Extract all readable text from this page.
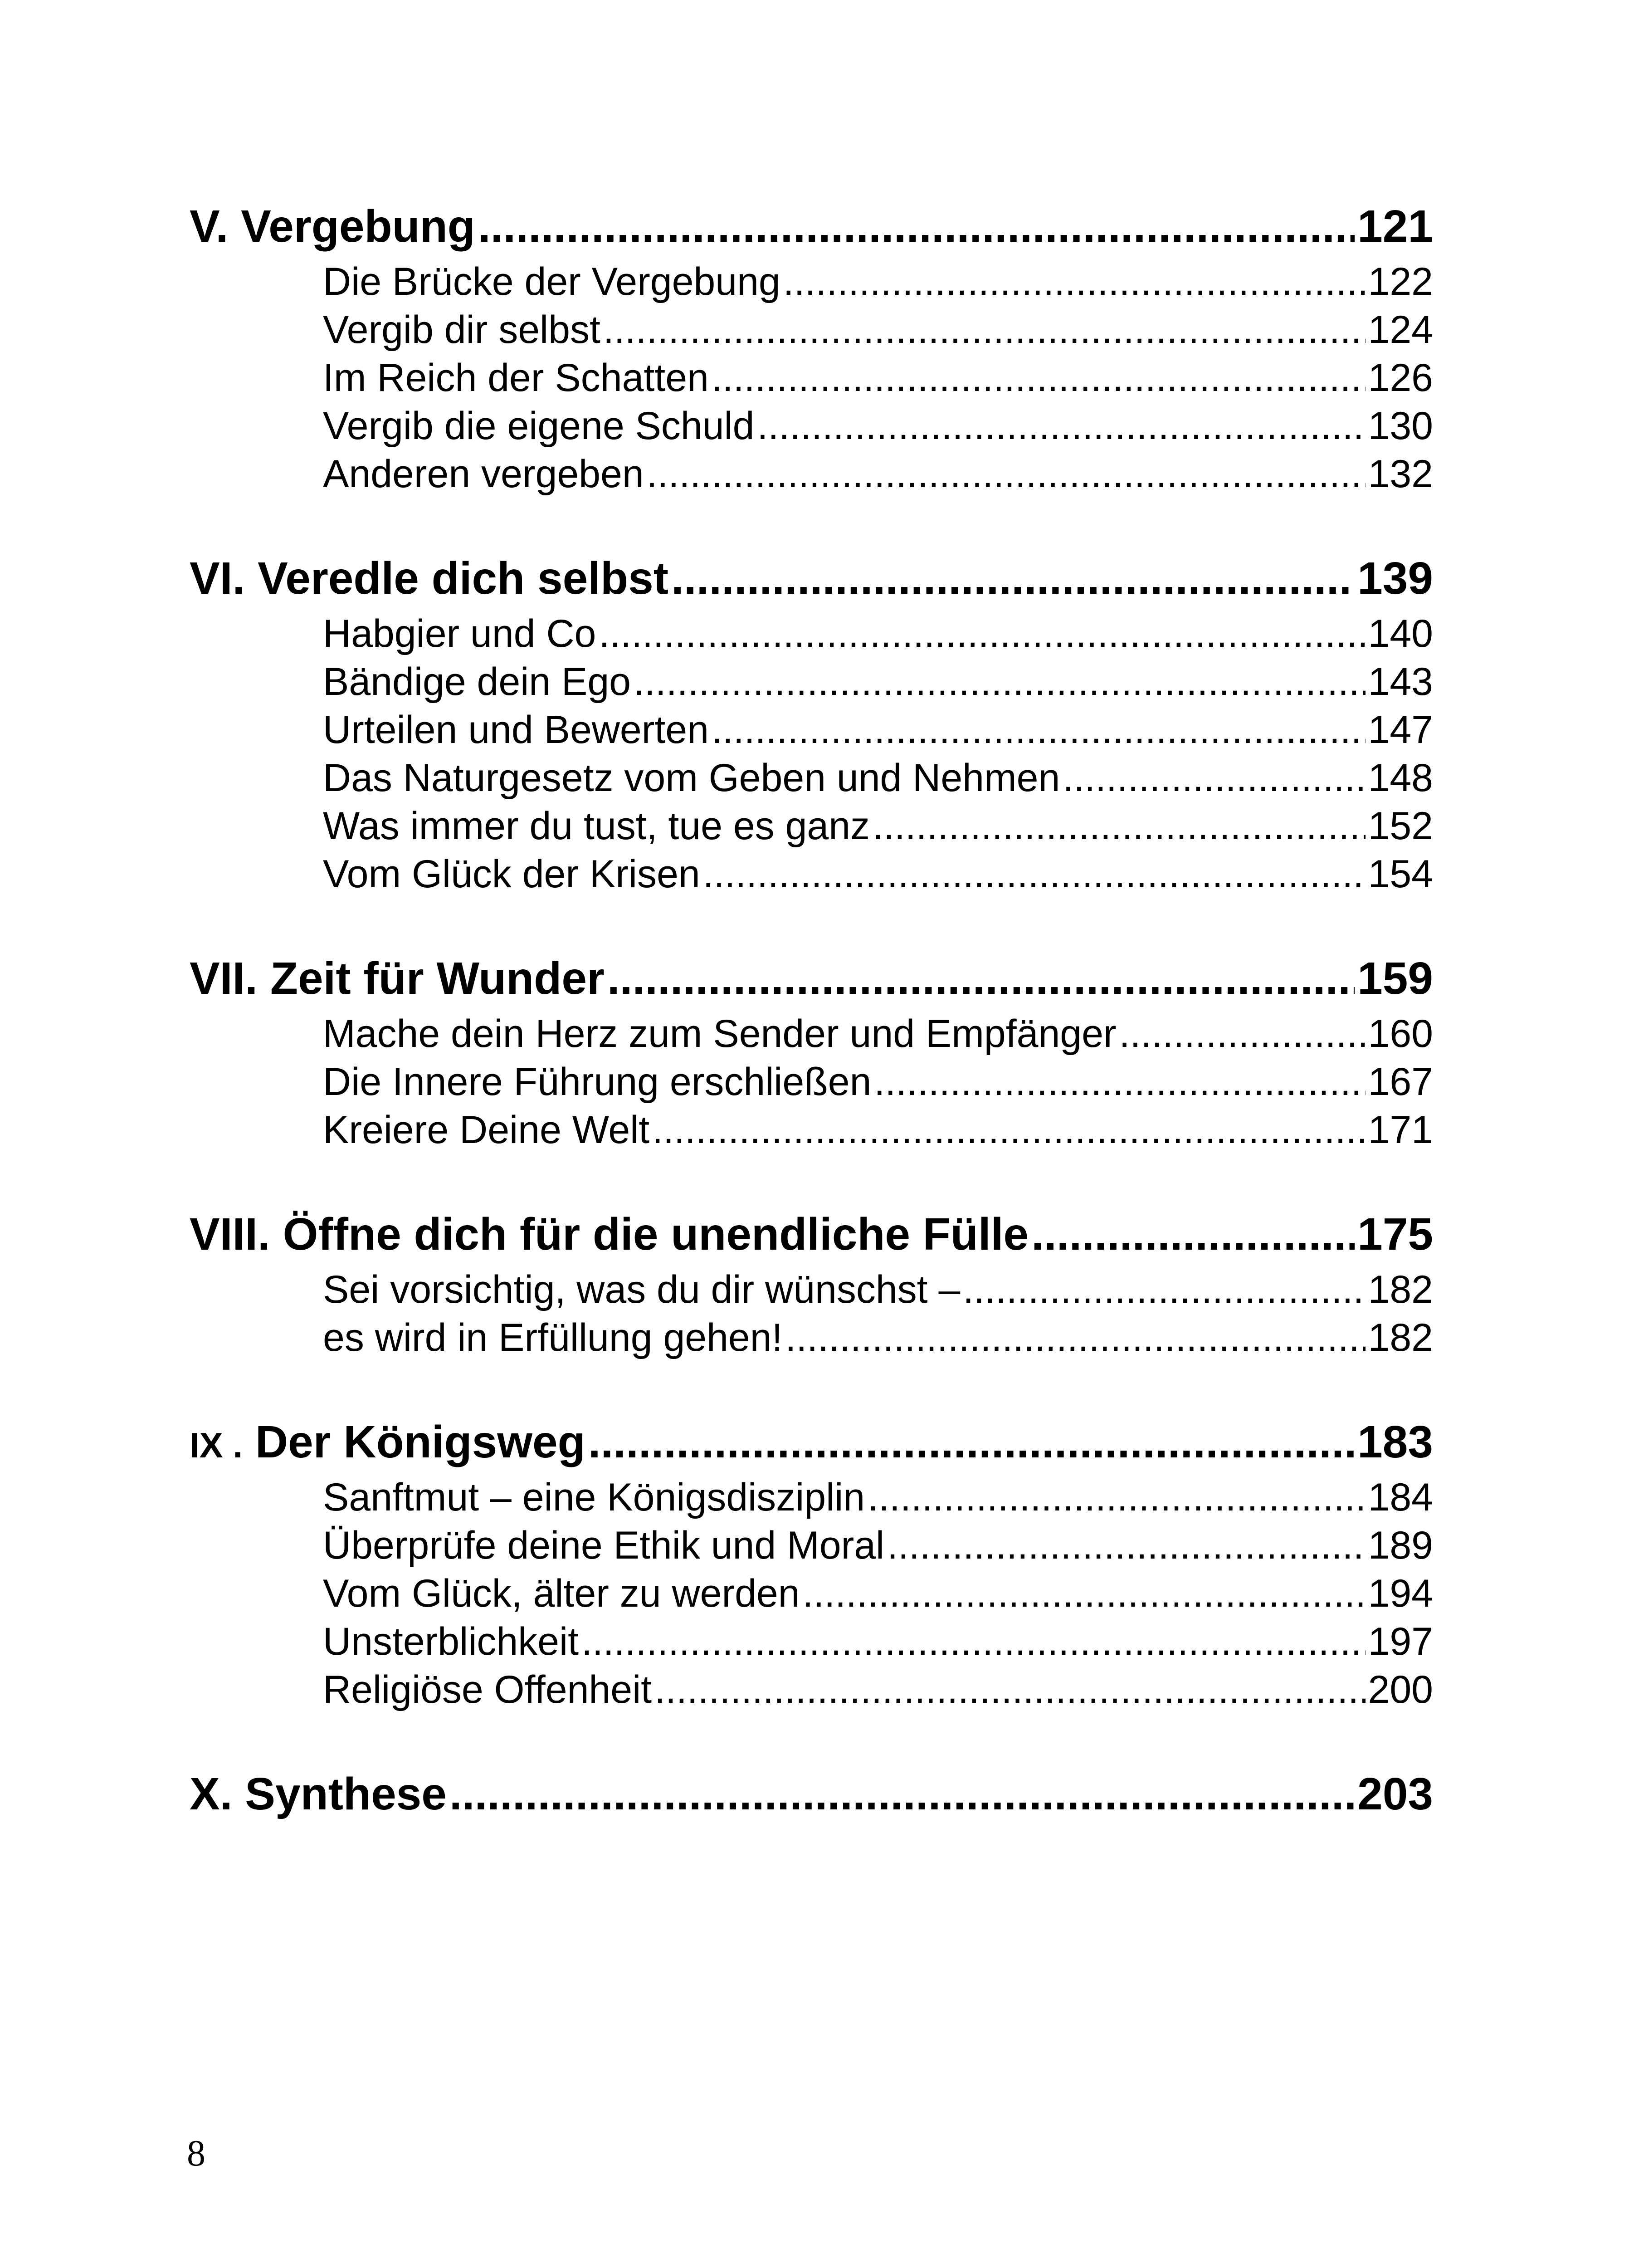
V. Vergebung .....	121
Die Brücke der Vergebung .....	122
Vergib dir selbst .....	124
Im Reich der Schatten .....	126
Vergib die eigene Schuld .....	130
Anderen vergeben .....	132
VI. Veredle dich selbst .....	139
Habgier und Co .....	140
Bändige dein Ego .....	143
Urteilen und Bewerten .....	147
Das Naturgesetz vom Geben und Nehmen .....	148
Was immer du tust, tue es ganz .....	152
Vom Glück der Krisen .....	154
VII. Zeit für Wunder .....	159
Mache dein Herz zum Sender und Empfänger .....	160
Die Innere Führung erschließen .....	167
Kreiere Deine Welt .....	171
VIII. Öffne dich für die unendliche Fülle .....	175
Sei vorsichtig, was du dir wünschst – .....	182
es wird in Erfüllung gehen! .....	182
IX . Der Königsweg .....	183
Sanftmut – eine Königsdisziplin .....	184
Überprüfe deine Ethik und Moral .....	189
Vom Glück, älter zu werden .....	194
Unsterblichkeit .....	197
Religiöse Offenheit .....	200
X. Synthese .....	203
8
